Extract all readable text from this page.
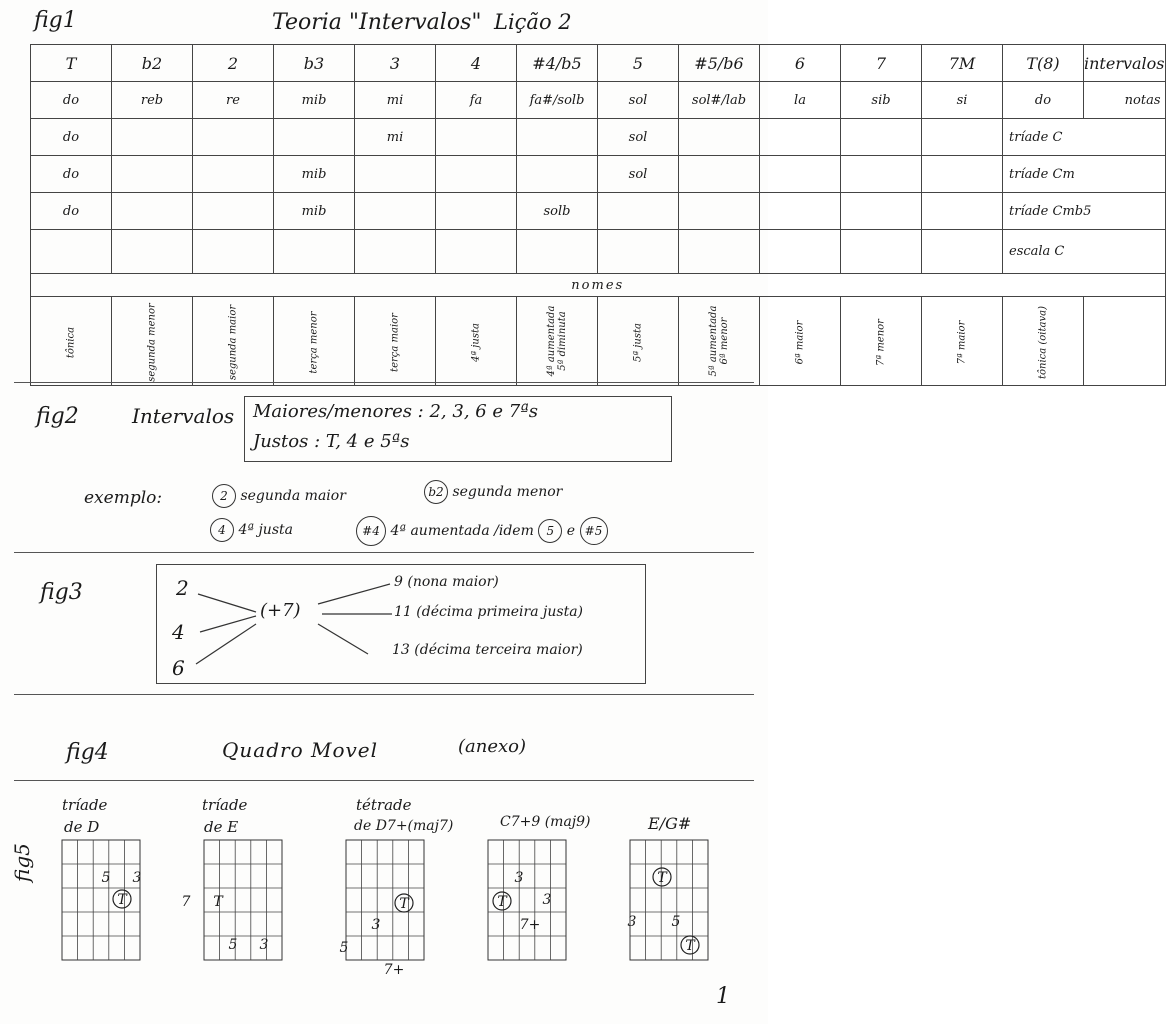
fig1	Teoria "Intervalos" Lição 2
T	b2	2	b3	3	4	#4/b5	5	#5/b6	6	7	7M	T(8)	intervalos
do	reb	re	mib	mi	fa	fa#/solb	sol	sol#/lab	la	sib	si	do	notas
do				mi			sol					tríade C	
do			mib				sol					tríade Cm	
do			mib			solb						tríade Cmb5	
												escala C	
nomes													
tônica	segunda menor	segunda maior	terça menor	terça maior	4ª justa	4ª aumentada 5ª diminuta	5ª justa	5ª aumentada 6ª menor	6ª maior	7ª menor	7ª maior	tônica (oitava)	
fig2	Intervalos Maiores/menores : 2, 3, 6 e 7ªs
Justos : T, 4 e 5ªs
exemplo:	2 segunda maior	b2 segunda menor
4 4ª justa	#4 4ª aumentada /idem 5 e #5
fig3	2
4
6
(+7)
9 (nona maior)
11 (décima primeira justa)
13 (décima terceira maior)
fig4	Quadro Movel	(anexo)
fig5
tríade
de D
tríade
de E
tétrade
de D7+(maj7)	C7+9 (maj9)	E/G#
5 3
T	7 T
5 3
T
3
5
7+
3
T	3
7+
T
3	5
T
1
